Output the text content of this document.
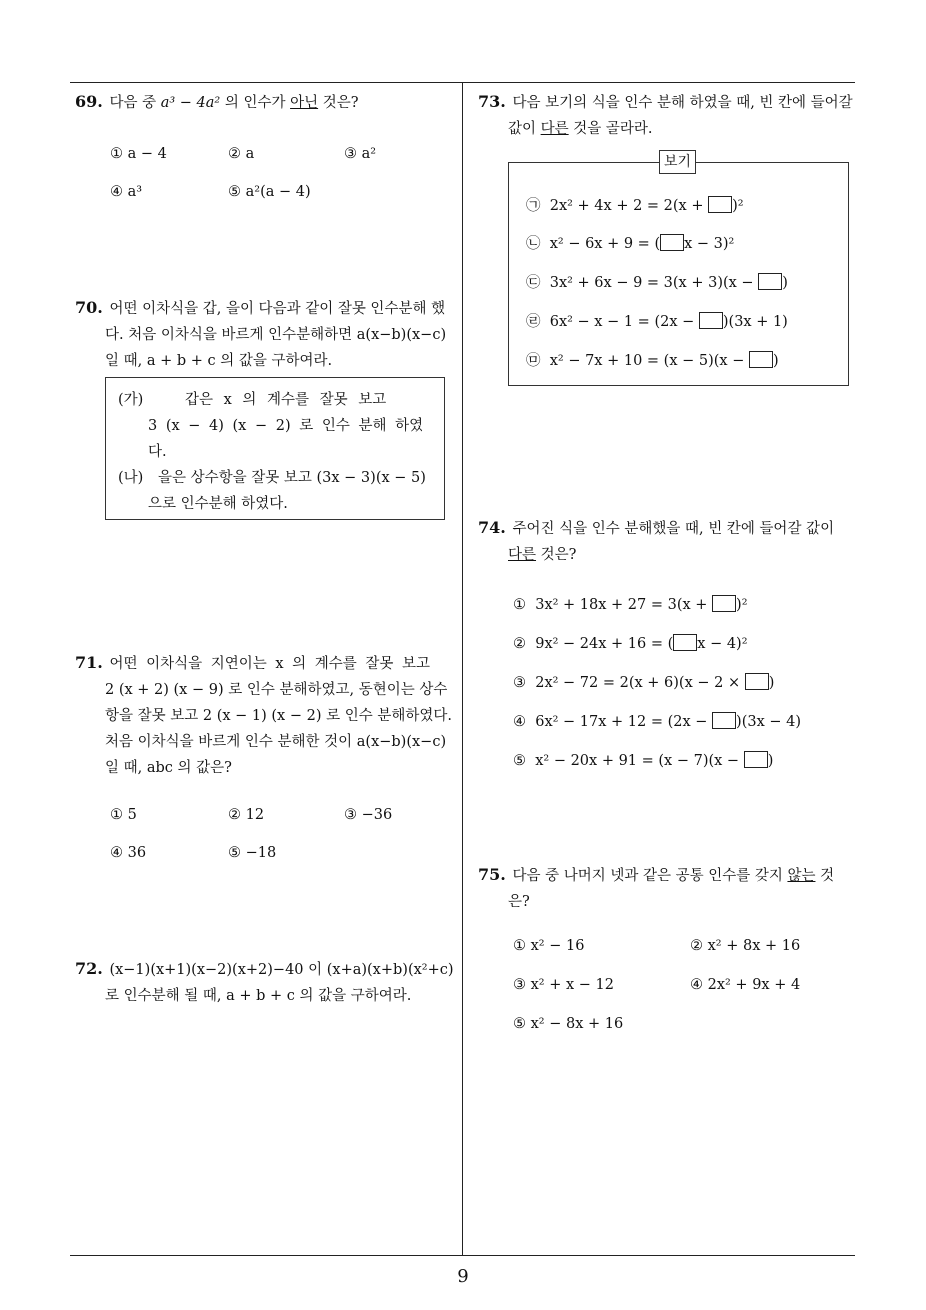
69. 다음 중 a³ − 4a² 의 인수가 아닌 것은?
① a − 4	② a	③ a²
④ a³	⑤ a²(a − 4)
70. 어떤 이차식을 갑, 을이 다음과 같이 잘못 인수분해 했
다. 처음 이차식을 바르게 인수분해하면 a(x−b)(x−c)
일 때, a + b + c 의 값을 구하여라.
(가)	갑은 x 의 계수를 잘못 보고
3 (x − 4) (x − 2) 로 인수 분해 하였
다.
(나) 을은 상수항을 잘못 보고 (3x − 3)(x − 5)
으로 인수분해 하였다.
71. 어떤 이차식을 지연이는 x 의 계수를 잘못 보고
2 (x + 2) (x − 9) 로 인수 분해하였고, 동현이는 상수
항을 잘못 보고 2 (x − 1) (x − 2) 로 인수 분해하였다.
처음 이차식을 바르게 인수 분해한 것이 a(x−b)(x−c)
일 때, abc 의 값은?
① 5	② 12	③ −36
④ 36	⑤ −18
72. (x−1)(x+1)(x−2)(x+2)−40 이 (x+a)(x+b)(x²+c)
로 인수분해 될 때, a + b + c 의 값을 구하여라.
73. 다음 보기의 식을 인수 분해 하였을 때, 빈 칸에 들어갈
값이 다른 것을 골라라.
보기
㉠ 2x² + 4x + 2 = 2(x + )²
㉡ x² − 6x + 9 = ( x − 3)²
㉢ 3x² + 6x − 9 = 3(x + 3)(x − )
㉣ 6x² − x − 1 = (2x − )(3x + 1)
㉤ x² − 7x + 10 = (x − 5)(x − )
74. 주어진 식을 인수 분해했을 때, 빈 칸에 들어갈 값이
다른 것은?
① 3x² + 18x + 27 = 3(x + )²
② 9x² − 24x + 16 = ( x − 4)²
③ 2x² − 72 = 2(x + 6)(x − 2 × )
④ 6x² − 17x + 12 = (2x − )(3x − 4)
⑤ x² − 20x + 91 = (x − 7)(x − )
75. 다음 중 나머지 넷과 같은 공통 인수를 갖지 않는 것
은?
① x² − 16	② x² + 8x + 16
③ x² + x − 12	④ 2x² + 9x + 4
⑤ x² − 8x + 16
9
